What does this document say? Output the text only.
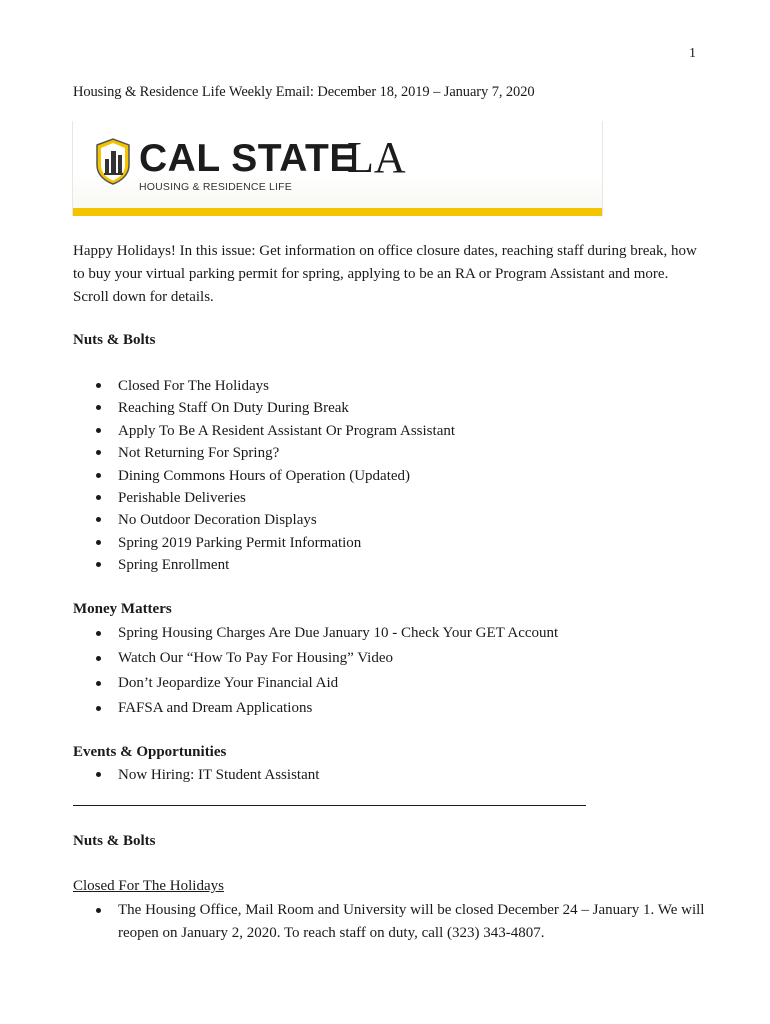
1
Housing & Residence Life Weekly Email: December 18, 2019 – January 7, 2020
CAL STATE
LA
HOUSING & RESIDENCE LIFE
Happy Holidays! In this issue: Get information on office closure dates, reaching staff during break, how to buy your virtual parking permit for spring, applying to be an RA or Program Assistant and more. Scroll down for details.
Nuts & Bolts
Closed For The Holidays
Reaching Staff On Duty During Break
Apply To Be A Resident Assistant Or Program Assistant
Not Returning For Spring?
Dining Commons Hours of Operation (Updated)
Perishable Deliveries
No Outdoor Decoration Displays
Spring 2019 Parking Permit Information
Spring Enrollment
Money Matters
Spring Housing Charges Are Due January 10 - Check Your GET Account
Watch Our “How To Pay For Housing” Video
Don’t Jeopardize Your Financial Aid
FAFSA and Dream Applications
Events & Opportunities
Now Hiring: IT Student Assistant
Nuts & Bolts
Closed For The Holidays
The Housing Office, Mail Room and University will be closed December 24 – January 1. We will reopen on January 2, 2020. To reach staff on duty, call (323) 343-4807.
